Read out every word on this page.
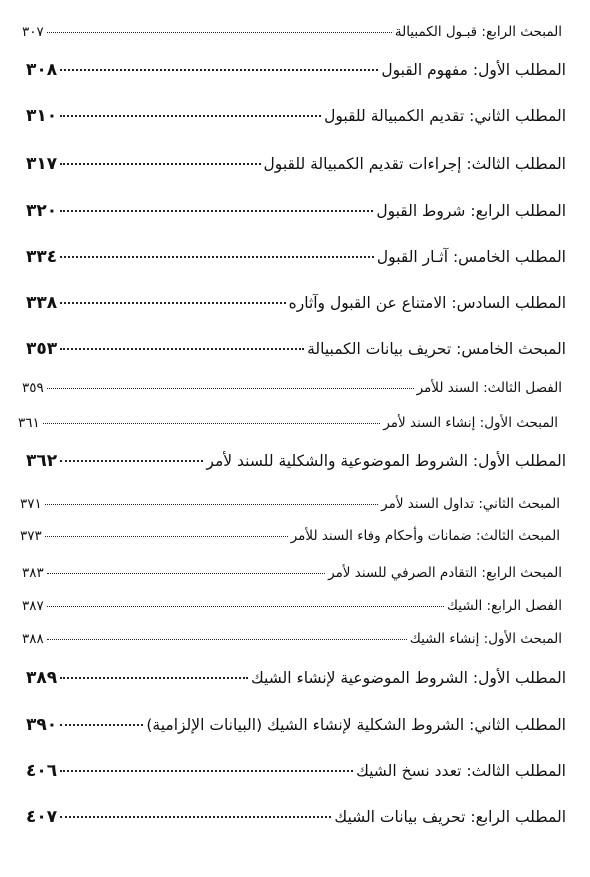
المبحث الرابع: قبـول الكمبيالة
٣٠٧
المطلب الأول: مفهوم القبول
٣٠٨
المطلب الثاني: تقديم الكمبيالة للقبول
٣١٠
المطلب الثالث: إجراءات تقديم الكمبيالة للقبول
٣١٧
المطلب الرابع: شروط القبول
٣٢٠
المطلب الخامس: آثـار القبول
٣٣٤
المطلب السادس: الامتناع عن القبول وآثاره
٣٣٨
المبحث الخامس: تحريف بيانات الكمبيالة
٣٥٣
الفصل الثالث: السند للأمر
٣٥٩
المبحث الأول: إنشاء السند لأمر
٣٦١
المطلب الأول: الشروط الموضوعية والشكلية للسند لأمر
٣٦٢
المبحث الثاني: تداول السند لأمر
٣٧١
المبحث الثالث: ضمانات وأحكام وفاء السند للأمر
٣٧٣
المبحث الرابع: التقادم الصرفي للسند لأمر
٣٨٣
الفصل الرابع: الشيك
٣٨٧
المبحث الأول: إنشاء الشيك
٣٨٨
المطلب الأول: الشروط الموضوعية لإنشاء الشيك
٣٨٩
المطلب الثاني: الشروط الشكلية لإنشاء الشيك (البيانات الإلزامية)
٣٩٠
المطلب الثالث: تعدد نسخ الشيك
٤٠٦
المطلب الرابع: تحريف بيانات الشيك
٤٠٧
